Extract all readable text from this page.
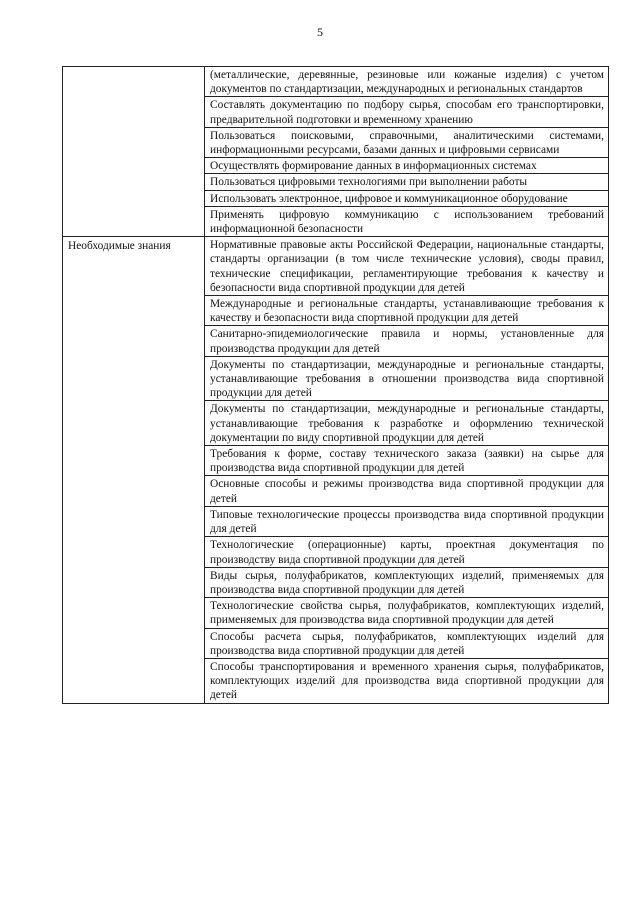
5
	(металлические, деревянные, резиновые или кожаные изделия) с учетом документов по стандартизации, международных и региональных стандартов
	Составлять документацию по подбору сырья, способам его транспортировки, предварительной подготовки и временному хранению
	Пользоваться поисковыми, справочными, аналитическими системами, информационными ресурсами, базами данных и цифровыми сервисами
	Осуществлять формирование данных в информационных системах
	Пользоваться цифровыми технологиями при выполнении работы
	Использовать электронное, цифровое и коммуникационное оборудование
	Применять цифровую коммуникацию с использованием требований информационной безопасности
Необходимые знания	Нормативные правовые акты Российской Федерации, национальные стандарты, стандарты организации (в том числе технические условия), своды правил, технические спецификации, регламентирующие требования к качеству и безопасности вида спортивной продукции для детей
	Международные и региональные стандарты, устанавливающие требования к качеству и безопасности вида спортивной продукции для детей
	Санитарно-эпидемиологические правила и нормы, установленные для производства продукции для детей
	Документы по стандартизации, международные и региональные стандарты, устанавливающие требования в отношении производства вида спортивной продукции для детей
	Документы по стандартизации, международные и региональные стандарты, устанавливающие требования к разработке и оформлению технической документации по виду спортивной продукции для детей
	Требования к форме, составу технического заказа (заявки) на сырье для производства вида спортивной продукции для детей
	Основные способы и режимы производства вида спортивной продукции для детей
	Типовые технологические процессы производства вида спортивной продукции для детей
	Технологические (операционные) карты, проектная документация по производству вида спортивной продукции для детей
	Виды сырья, полуфабрикатов, комплектующих изделий, применяемых для производства вида спортивной продукции для детей
	Технологические свойства сырья, полуфабрикатов, комплектующих изделий, применяемых для производства вида спортивной продукции для детей
	Способы расчета сырья, полуфабрикатов, комплектующих изделий для производства вида спортивной продукции для детей
	Способы транспортирования и временного хранения сырья, полуфабрикатов, комплектующих изделий для производства вида спортивной продукции для детей
